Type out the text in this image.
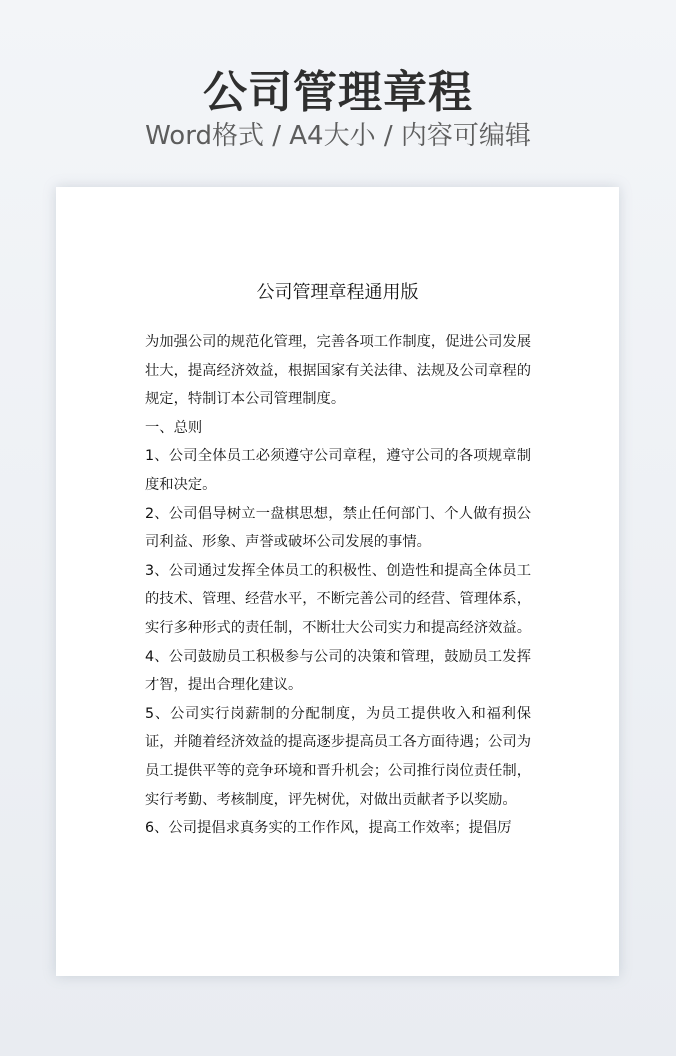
公司管理章程
Word格式 / A4大小 / 内容可编辑
公司管理章程通用版

为加强公司的规范化管理，完善各项工作制度，促进公司发展壮大，提高经济效益，根据国家有关法律、法规及公司章程的规定，特制订本公司管理制度。

一、总则

1、公司全体员工必须遵守公司章程，遵守公司的各项规章制度和决定。

2、公司倡导树立一盘棋思想，禁止任何部门、个人做有损公司利益、形象、声誉或破坏公司发展的事情。

3、公司通过发挥全体员工的积极性、创造性和提高全体员工的技术、管理、经营水平，不断完善公司的经营、管理体系，实行多种形式的责任制，不断壮大公司实力和提高经济效益。

4、公司鼓励员工积极参与公司的决策和管理，鼓励员工发挥才智，提出合理化建议。

5、公司实行岗薪制的分配制度，为员工提供收入和福利保证，并随着经济效益的提高逐步提高员工各方面待遇；公司为员工提供平等的竞争环境和晋升机会；公司推行岗位责任制，实行考勤、考核制度，评先树优，对做出贡献者予以奖励。

6、公司提倡求真务实的工作作风，提高工作效率；提倡厉
